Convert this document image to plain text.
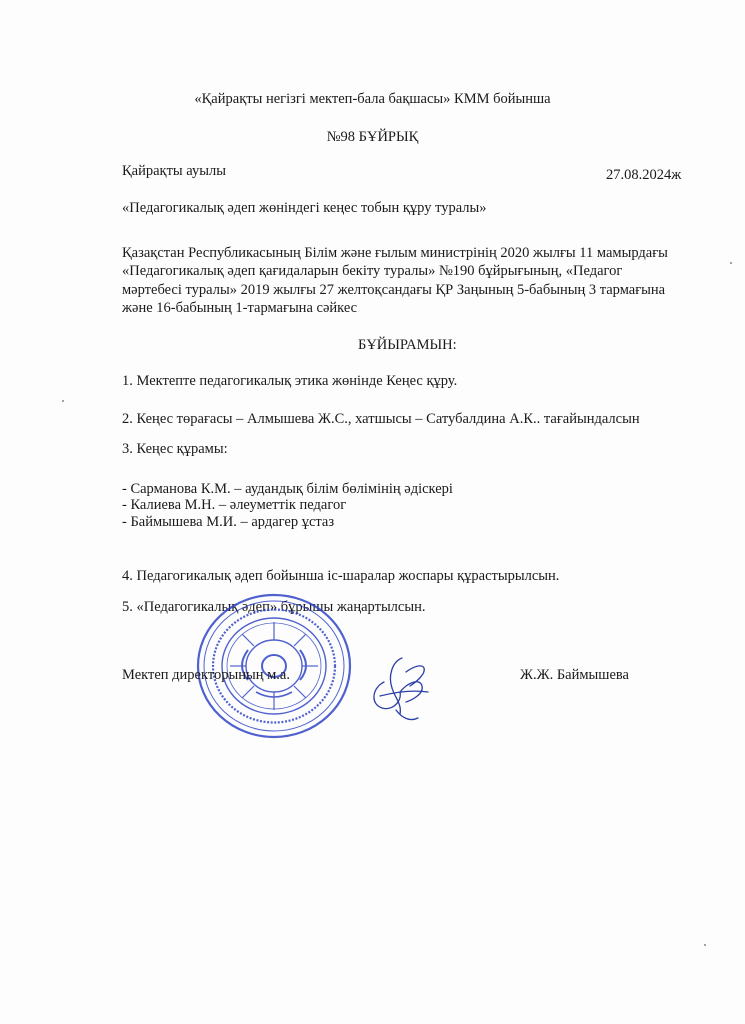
«Қайрақты негізгі мектеп-бала бақшасы» КММ бойынша
№98 БҰЙРЫҚ
Қайрақты ауылы	27.08.2024ж
«Педагогикалық әдеп жөніндегі кеңес тобын құру туралы»
Қазақстан Республикасының Білім және ғылым министрінің 2020 жылғы 11 мамырдағы
«Педагогикалық әдеп қағидаларын бекіту туралы» №190 бұйрығының, «Педагог
мәртебесі туралы» 2019 жылғы 27 желтоқсандағы ҚР Заңының 5-бабының 3 тармағына
және 16-бабының 1-тармағына сәйкес
БҰЙЫРАМЫН:
1. Мектепте педагогикалық этика жөнінде Кеңес құру.
2. Кеңес төрағасы – Алмышева Ж.С., хатшысы – Сатубалдина А.К.. тағайындалсын
3. Кеңес құрамы:
- Сарманова К.М. – аудандық білім бөлімінің әдіскері
- Калиева М.Н. – әлеуметтік педагог
- Баймышева М.И. – ардагер ұстаз
4. Педагогикалық әдеп бойынша іс-шаралар жоспары құрастырылсын.
5. «Педагогикалық әдеп» бұрышы жаңартылсын.
Мектеп директорының м.а.	Ж.Ж. Баймышева
